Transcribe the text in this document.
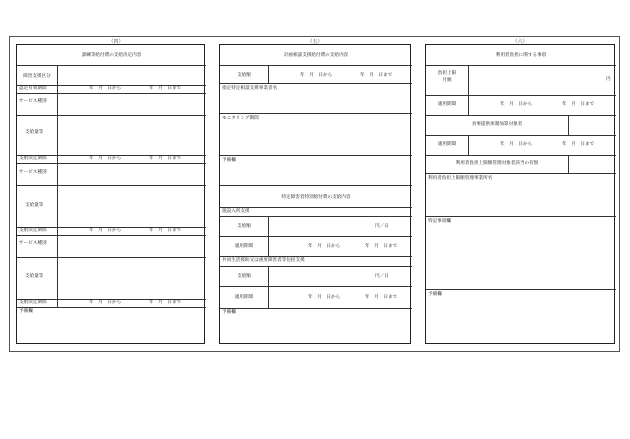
（四）	（五）	（六）
訓練等給付費の支給決定内容
障害支援区分
認定有効期間	年　月　日から	年　月　日まで
サービス種別
支給量等
支給決定期間	年　月　日から	年　月　日まで
サービス種別
支給量等
支給決定期間	年　月　日から	年　月　日まで
サービス種別
支給量等
支給決定期間	年　月　日から	年　月　日まで
予備欄
計画相談支援給付費の支給内容
支給額	年　月　日から	年　月　日まで
指定特定相談支援事業者名
モニタリング期間
予備欄
特定障害者特別給付費の支給内容
施設入所支援
支給額	円／日
適用期間	年　月　日から	年　月　日まで
共同生活援助又は重度障害者等包括支援
支給額	円／日
適用期間	年　月　日から	年　月　日まで
予備欄
利用者負担に関する事項
負担上限
月額	円
適用期間	年　月　日から	年　月　日まで
食事提供体制加算対象者
適用期間	年　月　日から	年　月　日まで
利用者負担上限額管理対象者該当の有無
利用者負担上限額管理事業所名
特記事項欄
予備欄
